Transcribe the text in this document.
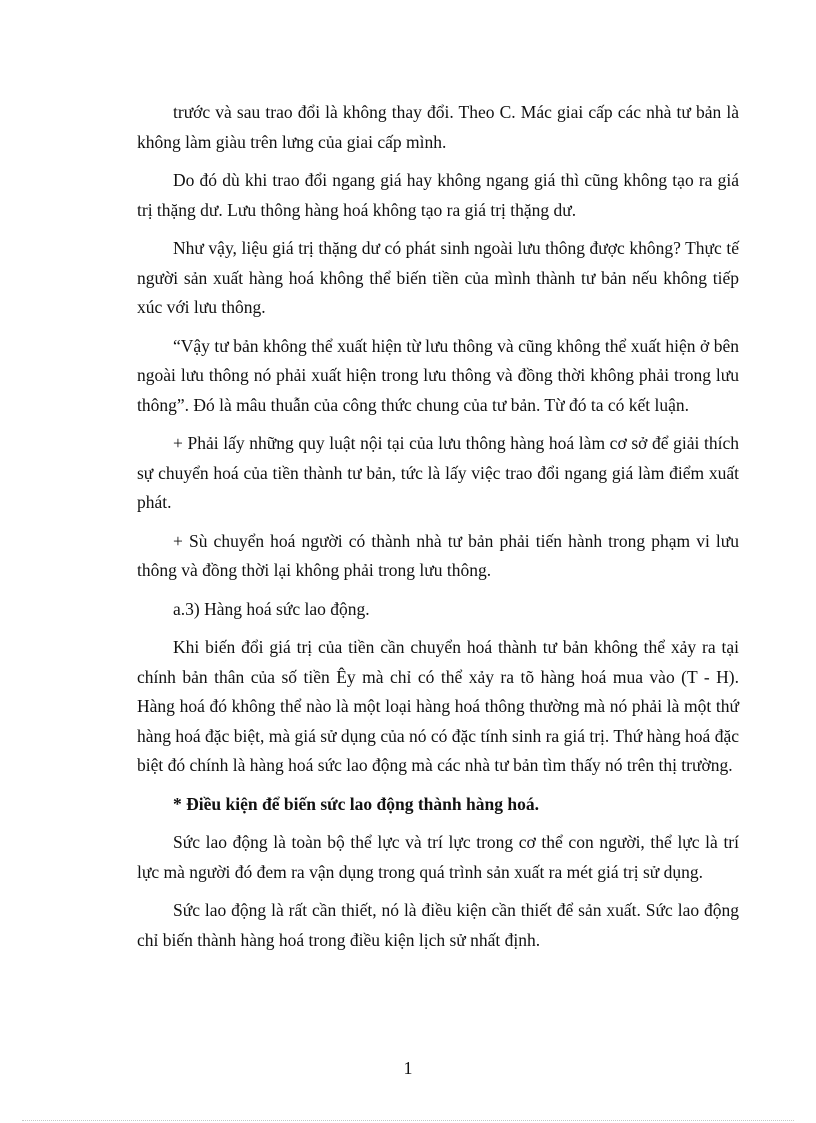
trước và sau trao đổi là không thay đổi. Theo C. Mác giai cấp các nhà tư bản là không làm giàu trên lưng của giai cấp mình.

Do đó dù khi trao đổi ngang giá hay không ngang giá thì cũng không tạo ra giá trị thặng dư. Lưu thông hàng hoá không tạo ra giá trị thặng dư.

Như vậy, liệu giá trị thặng dư có phát sinh ngoài lưu thông được không? Thực tế người sản xuất hàng hoá không thể biến tiền của mình thành tư bản nếu không tiếp xúc với lưu thông.

“Vậy tư bản không thể xuất hiện từ lưu thông và cũng không thể xuất hiện ở bên ngoài lưu thông nó phải xuất hiện trong lưu thông và đồng thời không phải trong lưu thông”. Đó là mâu thuẫn của công thức chung của tư bản. Từ đó ta có kết luận.

+ Phải lấy những quy luật nội tại của lưu thông hàng hoá làm cơ sở để giải thích sự chuyển hoá của tiền thành tư bản, tức là lấy việc trao đổi ngang giá làm điểm xuất phát.

+ Sù chuyển hoá người có thành nhà tư bản phải tiến hành trong phạm vi lưu thông và đồng thời lại không phải trong lưu thông.

a.3) Hàng hoá sức lao động.

Khi biến đổi giá trị của tiền cần chuyển hoá thành tư bản không thể xảy ra tại chính bản thân của số tiền Êy mà chỉ có thể xảy ra tõ hàng hoá mua vào (T - H). Hàng hoá đó không thể nào là một loại hàng hoá thông thường mà nó phải là một thứ hàng hoá đặc biệt, mà giá sử dụng của nó có đặc tính sinh ra giá trị. Thứ hàng hoá đặc biệt đó chính là hàng hoá sức lao động mà các nhà tư bản tìm thấy nó trên thị trường.

* Điều kiện để biến sức lao động thành hàng hoá.

Sức lao động là toàn bộ thể lực và trí lực trong cơ thể con người, thể lực là trí lực mà người đó đem ra vận dụng trong quá trình sản xuất ra mét giá trị sử dụng.

Sức lao động là rất cần thiết, nó là điều kiện cần thiết để sản xuất. Sức lao động chỉ biến thành hàng hoá trong điều kiện lịch sử nhất định.

1
